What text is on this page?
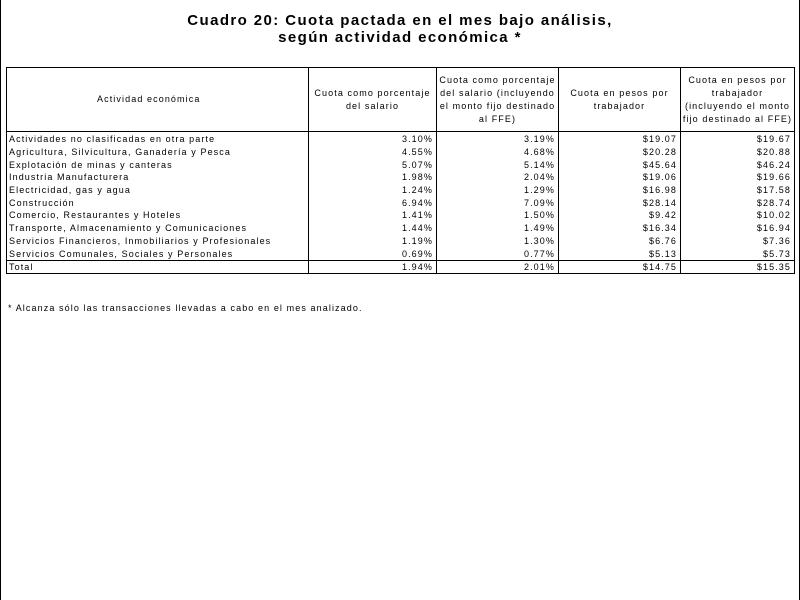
Cuadro 20: Cuota pactada en el mes bajo análisis,
según actividad económica *
Actividad económica	Cuota como porcentaje del salario	Cuota como porcentaje del salario (incluyendo el monto fijo destinado al FFE)	Cuota en pesos por trabajador	Cuota en pesos por trabajador (incluyendo el monto fijo destinado al FFE)
Actividades no clasificadas en otra parte	3.10%	3.19%	$19.07	$19.67
Agricultura, Silvicultura, Ganadería y Pesca	4.55%	4.68%	$20.28	$20.88
Explotación de minas y canteras	5.07%	5.14%	$45.64	$46.24
Industria Manufacturera	1.98%	2.04%	$19.06	$19.66
Electricidad, gas y agua	1.24%	1.29%	$16.98	$17.58
Construcción	6.94%	7.09%	$28.14	$28.74
Comercio, Restaurantes y Hoteles	1.41%	1.50%	$9.42	$10.02
Transporte, Almacenamiento y Comunicaciones	1.44%	1.49%	$16.34	$16.94
Servicios Financieros, Inmobiliarios y Profesionales	1.19%	1.30%	$6.76	$7.36
Servicios Comunales, Sociales y Personales	0.69%	0.77%	$5.13	$5.73
Total	1.94%	2.01%	$14.75	$15.35
* Alcanza sólo las transacciones llevadas a cabo en el mes analizado.
